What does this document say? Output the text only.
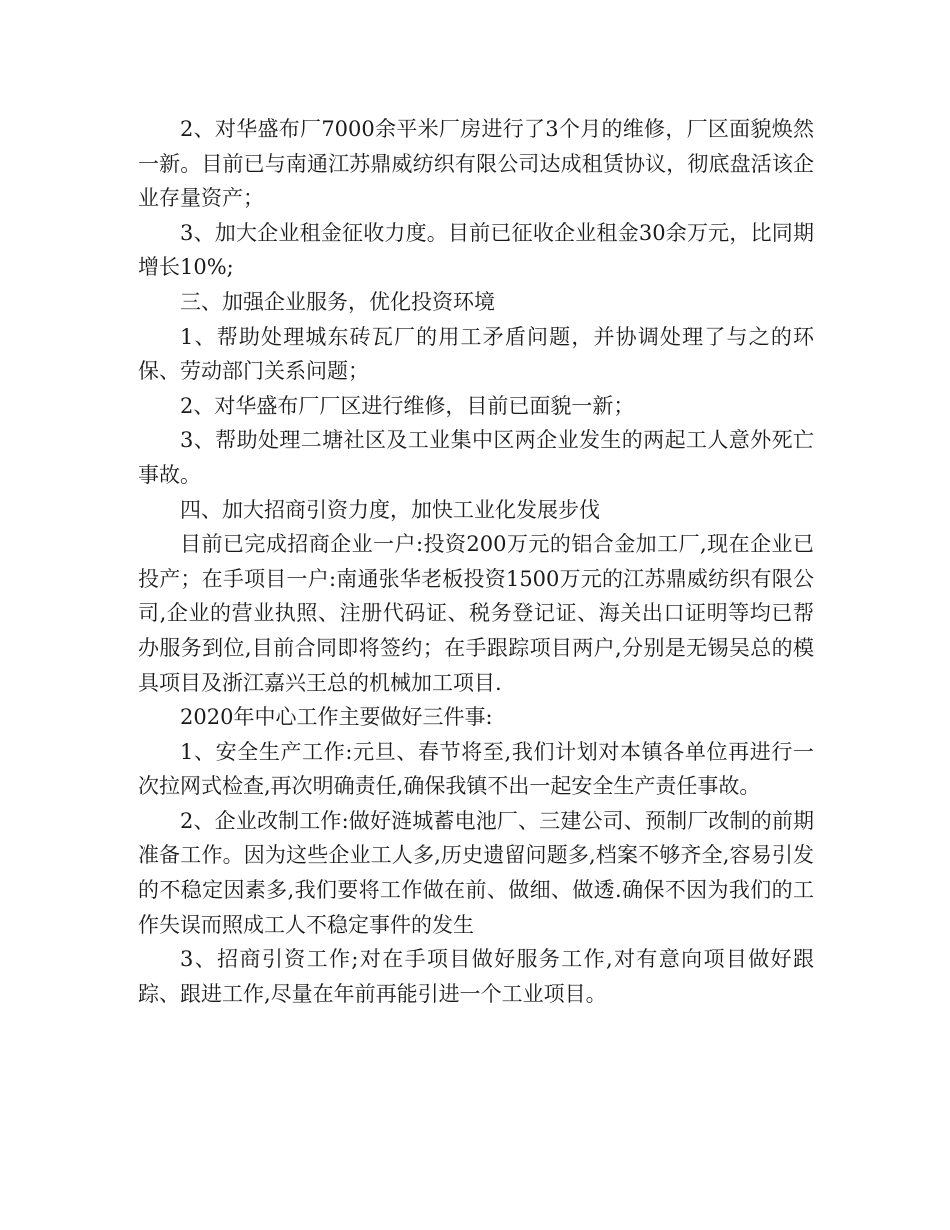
2、对华盛布厂7000余平米厂房进行了3个月的维修，厂区面貌焕然一新。目前已与南通江苏鼎威纺织有限公司达成租赁协议，彻底盘活该企业存量资产；

3、加大企业租金征收力度。目前已征收企业租金30余万元，比同期增长10%;

三、加强企业服务，优化投资环境

1、帮助处理城东砖瓦厂的用工矛盾问题，并协调处理了与之的环保、劳动部门关系问题；

2、对华盛布厂厂区进行维修，目前已面貌一新；

3、帮助处理二塘社区及工业集中区两企业发生的两起工人意外死亡事故。

四、加大招商引资力度，加快工业化发展步伐

目前已完成招商企业一户:投资200万元的铝合金加工厂,现在企业已投产；在手项目一户:南通张华老板投资1500万元的江苏鼎威纺织有限公司,企业的营业执照、注册代码证、税务登记证、海关出口证明等均已帮办服务到位,目前合同即将签约；在手跟踪项目两户,分别是无锡吴总的模具项目及浙江嘉兴王总的机械加工项目.

2020年中心工作主要做好三件事:

1、安全生产工作:元旦、春节将至,我们计划对本镇各单位再进行一次拉网式检查,再次明确责任,确保我镇不出一起安全生产责任事故。

2、企业改制工作:做好涟城蓄电池厂、三建公司、预制厂改制的前期准备工作。因为这些企业工人多,历史遗留问题多,档案不够齐全,容易引发的不稳定因素多,我们要将工作做在前、做细、做透.确保不因为我们的工作失误而照成工人不稳定事件的发生

3、招商引资工作;对在手项目做好服务工作,对有意向项目做好跟踪、跟进工作,尽量在年前再能引进一个工业项目。
